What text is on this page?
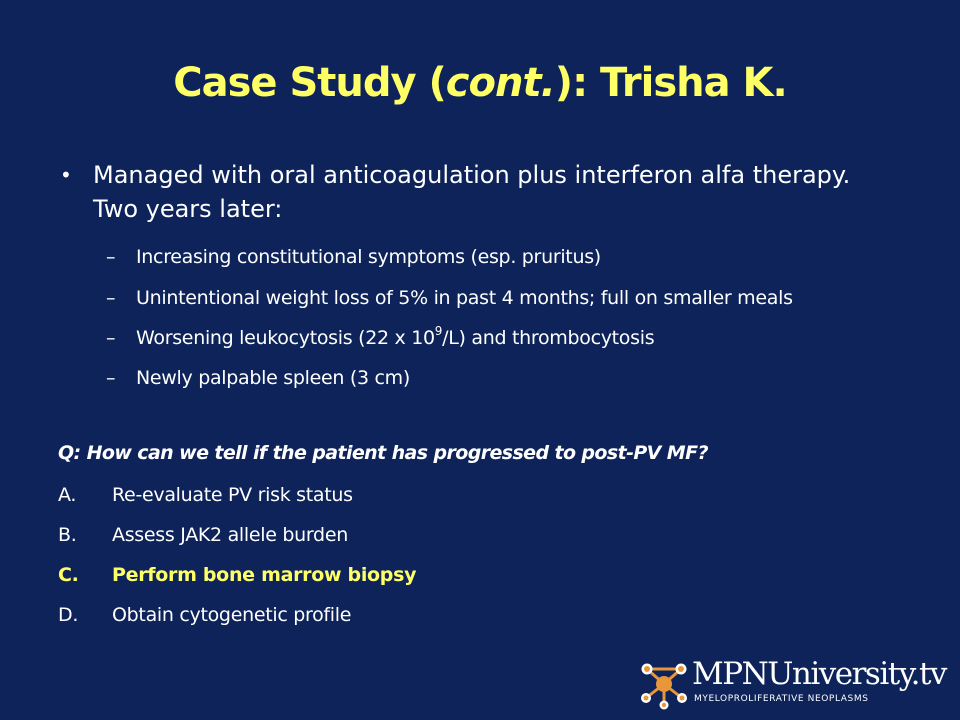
Case Study (cont.): Trisha K.
• Managed with oral anticoagulation plus interferon alfa therapy. Two years later:
– Increasing constitutional symptoms (esp. pruritus)
– Unintentional weight loss of 5% in past 4 months; full on smaller meals
– Worsening leukocytosis (22 x $10^9/L$) and thrombocytosis
– Newly palpable spleen (3 cm)
Q: How can we tell if the patient has progressed to post-PV MF?
A. Re-evaluate PV risk status
B. Assess JAK2 allele burden
C. Perform bone marrow biopsy
D. Obtain cytogenetic profile
MPNUniversity.tv
MYELOPROLIFERATIVE NEOPLASMS
